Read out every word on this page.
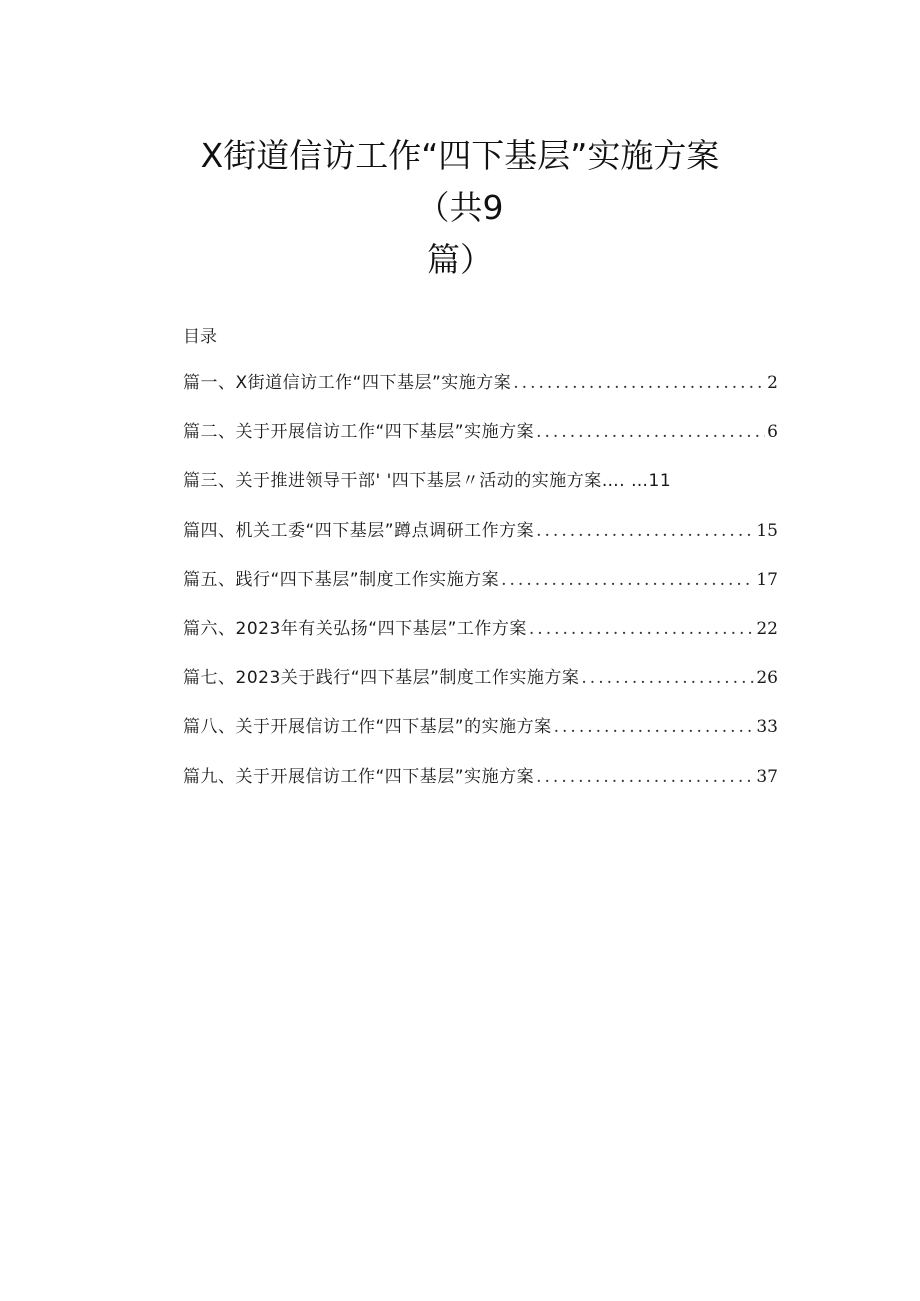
X街道信访工作“四下基层”实施方案
（共9
篇）
目录
篇一、X街道信访工作“四下基层”实施方案 .....	2
篇二、关于开展信访工作“四下基层”实施方案 .....	6
篇三、关于推进领导干部' '四下基层〃活动的实施方案…. …11
篇四、机关工委“四下基层”蹲点调研工作方案 .....	15
篇五、践行“四下基层”制度工作实施方案 .....	17
篇六、2023年有关弘扬“四下基层”工作方案 .....	22
篇七、2023关于践行“四下基层”制度工作实施方案 .....	26
篇八、关于开展信访工作“四下基层”的实施方案 .....	33
篇九、关于开展信访工作“四下基层”实施方案 .....	37
